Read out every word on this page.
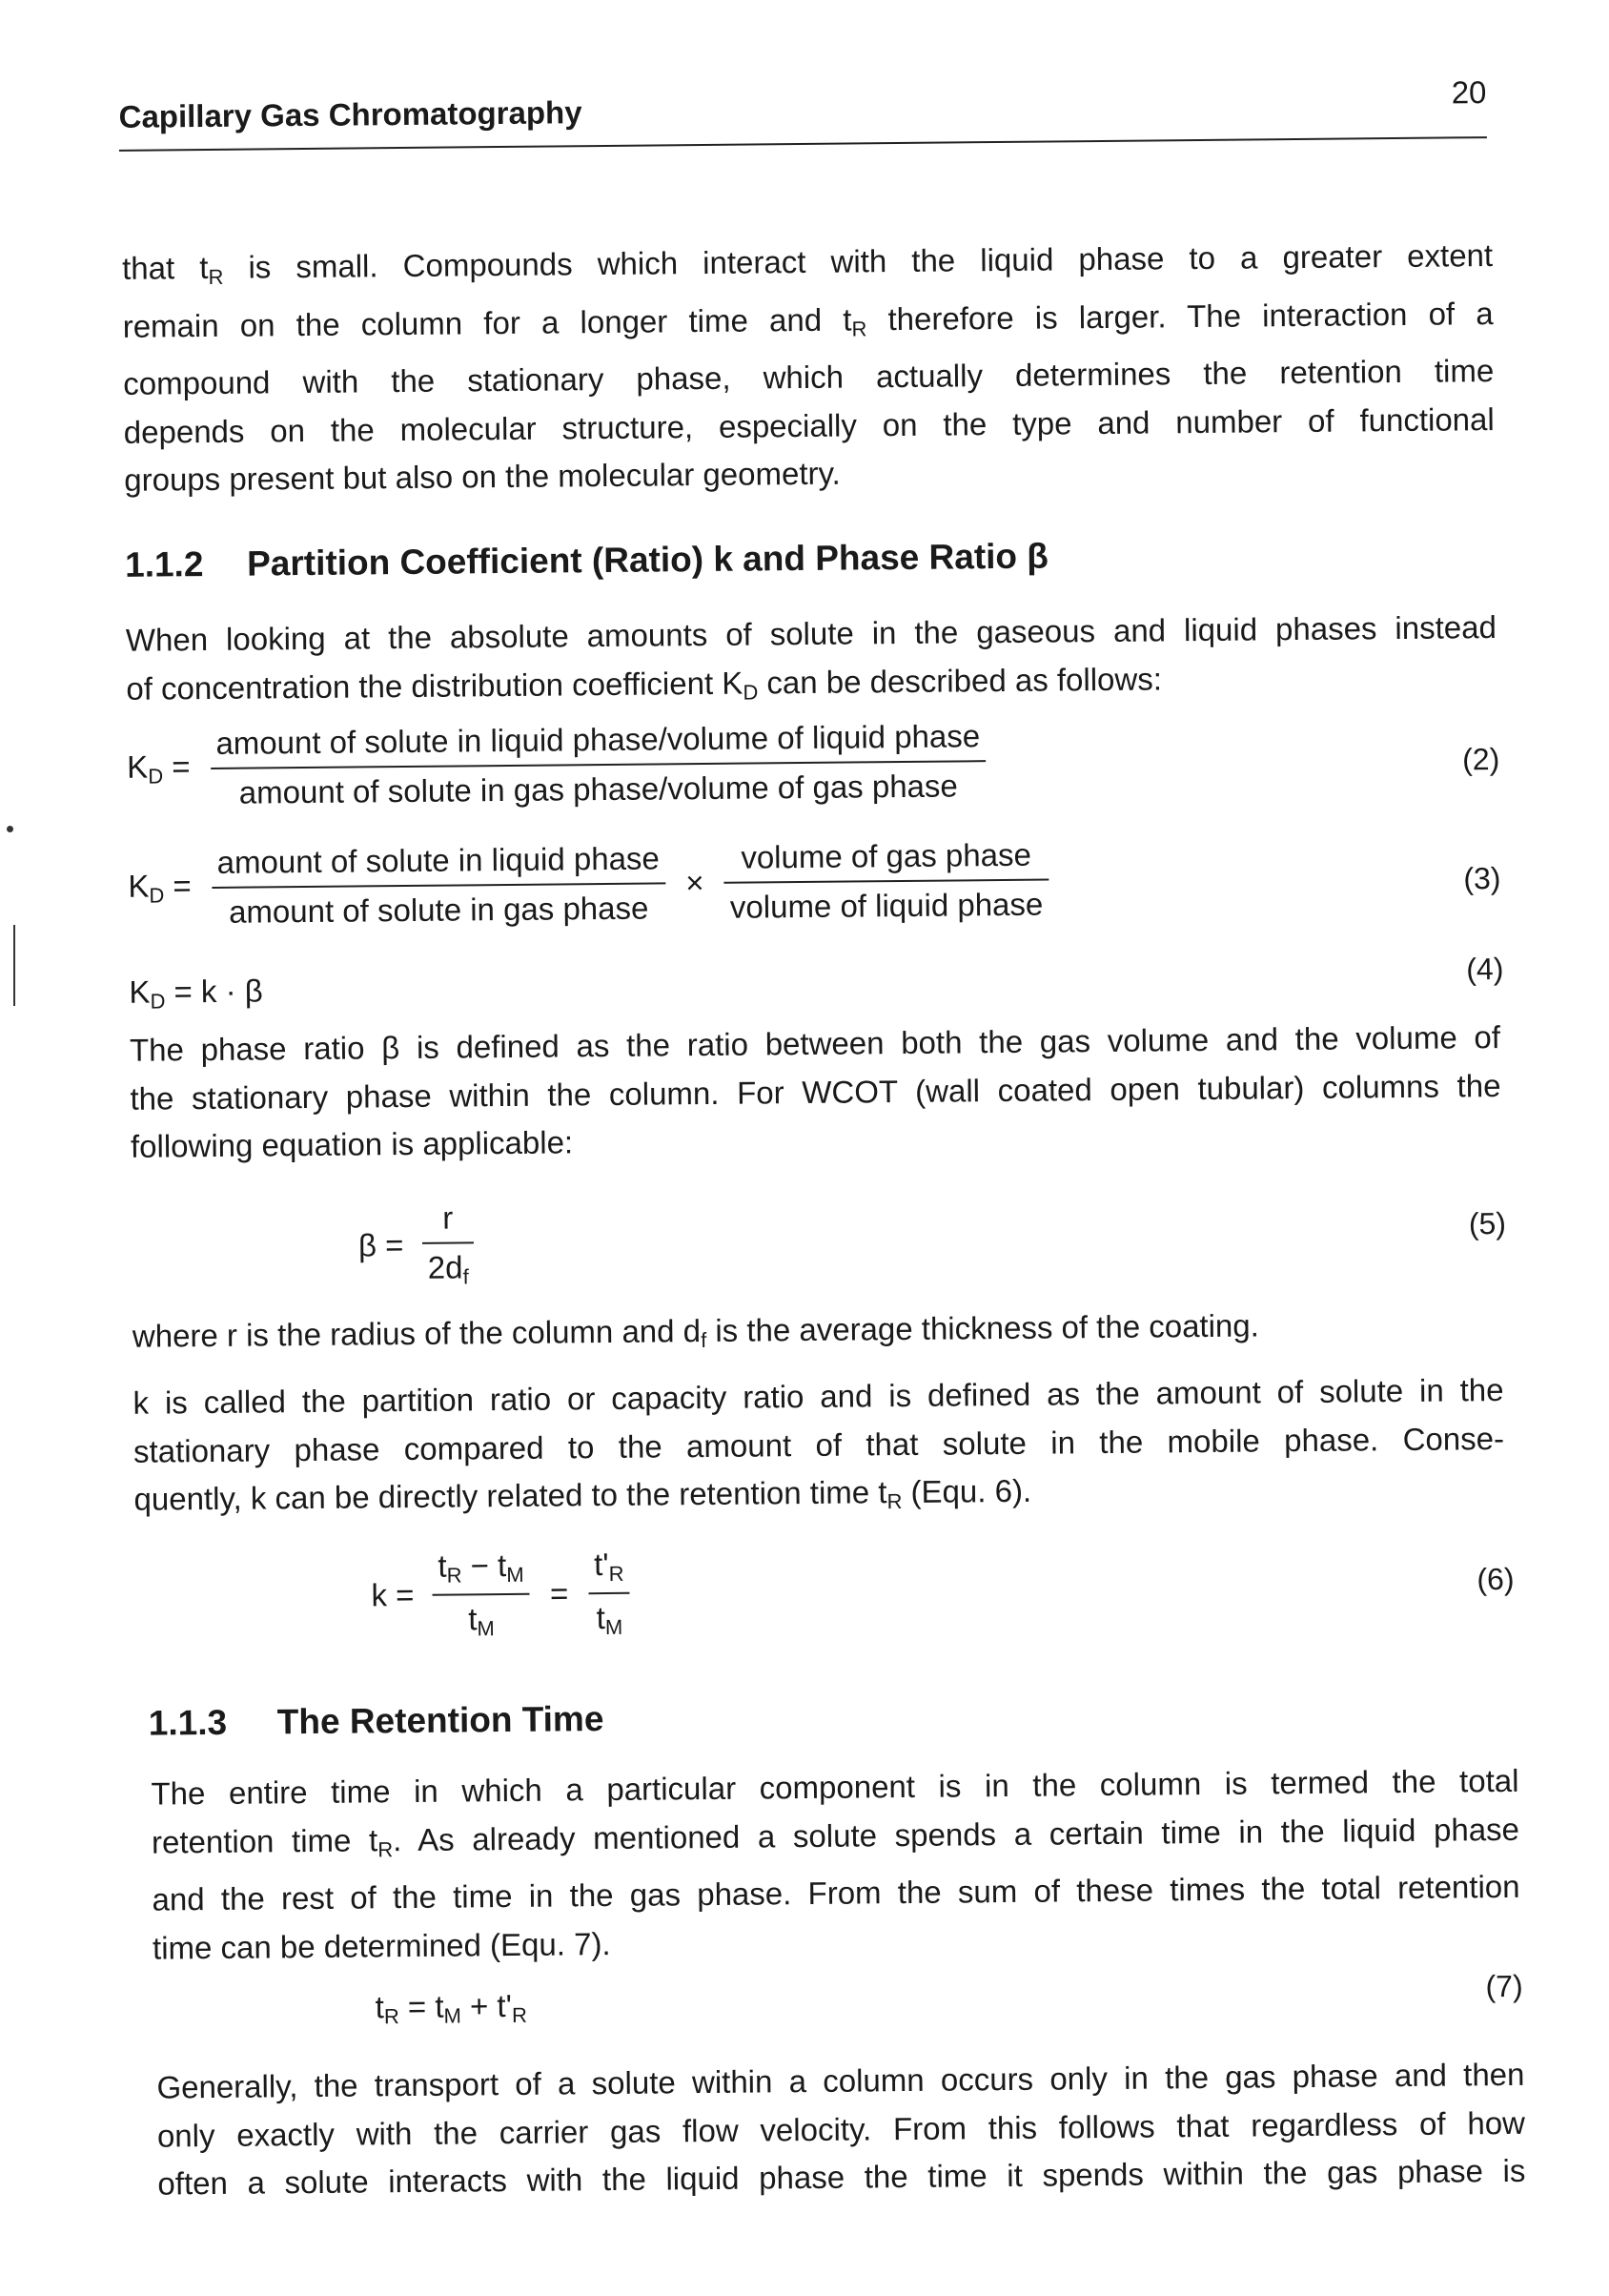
Capillary Gas Chromatography
20
that $t_R$ is small. Compounds which interact with the liquid phase to a greater extent
remain on the column for a longer time and $t_R$ therefore is larger. The interaction of a
compound with the stationary phase, which actually determines the retention time
depends on the molecular structure, especially on the type and number of functional
groups present but also on the molecular geometry.
1.1.2 Partition Coefficient (Ratio) k and Phase Ratio β
When looking at the absolute amounts of solute in the gaseous and liquid phases instead
of concentration the distribution coefficient $K_D$ can be described as follows:
$K_D = \frac{\text{amount of solute in liquid phase/volume of liquid phase}}{\text{amount of solute in gas phase/volume of gas phase}}$	(2)
$K_D = \frac{\text{amount of solute in liquid phase}}{\text{amount of solute in gas phase}} \times \frac{\text{volume of gas phase}}{\text{volume of liquid phase}}$	(3)
$K_D = k \cdot \beta$
(4)
The phase ratio β is defined as the ratio between both the gas volume and the volume of
the stationary phase within the column. For WCOT (wall coated open tubular) columns the
following equation is applicable:
$\beta = \frac{r}{2d_f}$	(5)
where r is the radius of the column and $d_f$ is the average thickness of the coating.
k is called the partition ratio or capacity ratio and is defined as the amount of solute in the
stationary phase compared to the amount of that solute in the mobile phase. Conse-
quently, k can be directly related to the retention time $t_R$ (Equ. 6).
$k = \frac{t_R - t_M}{t_M} = \frac{t'_R}{t_M}$	(6)
1.1.3 The Retention Time
The entire time in which a particular component is in the column is termed the total
retention time $t_R$. As already mentioned a solute spends a certain time in the liquid phase
and the rest of the time in the gas phase. From the sum of these times the total retention
time can be determined (Equ. 7).
$t_R = t_M + t'_R$
(7)
Generally, the transport of a solute within a column occurs only in the gas phase and then
only exactly with the carrier gas flow velocity. From this follows that regardless of how
often a solute interacts with the liquid phase the time it spends within the gas phase is
